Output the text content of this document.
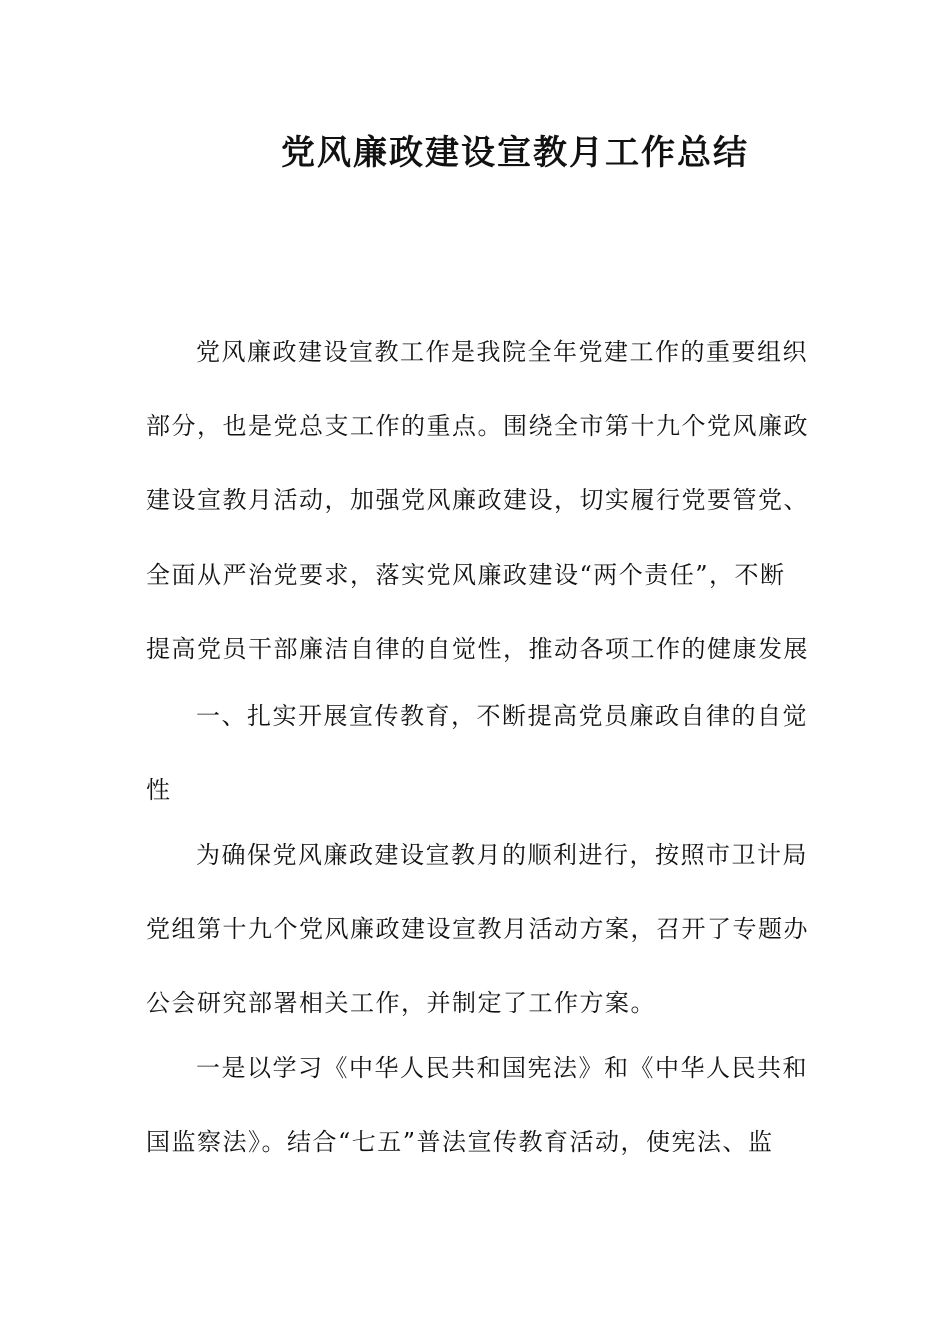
党风廉政建设宣教月工作总结
党风廉政建设宣教工作是我院全年党建工作的重要组织
部分，也是党总支工作的重点。围绕全市第十九个党风廉政
建设宣教月活动，加强党风廉政建设，切实履行党要管党、
全面从严治党要求，落实党风廉政建设“两个责任”，不断
提高党员干部廉洁自律的自觉性，推动各项工作的健康发展
一、扎实开展宣传教育，不断提高党员廉政自律的自觉
性
为确保党风廉政建设宣教月的顺利进行，按照市卫计局
党组第十九个党风廉政建设宣教月活动方案，召开了专题办
公会研究部署相关工作，并制定了工作方案。
一是以学习《中华人民共和国宪法》和《中华人民共和
国监察法》。结合“七五”普法宣传教育活动，使宪法、监
